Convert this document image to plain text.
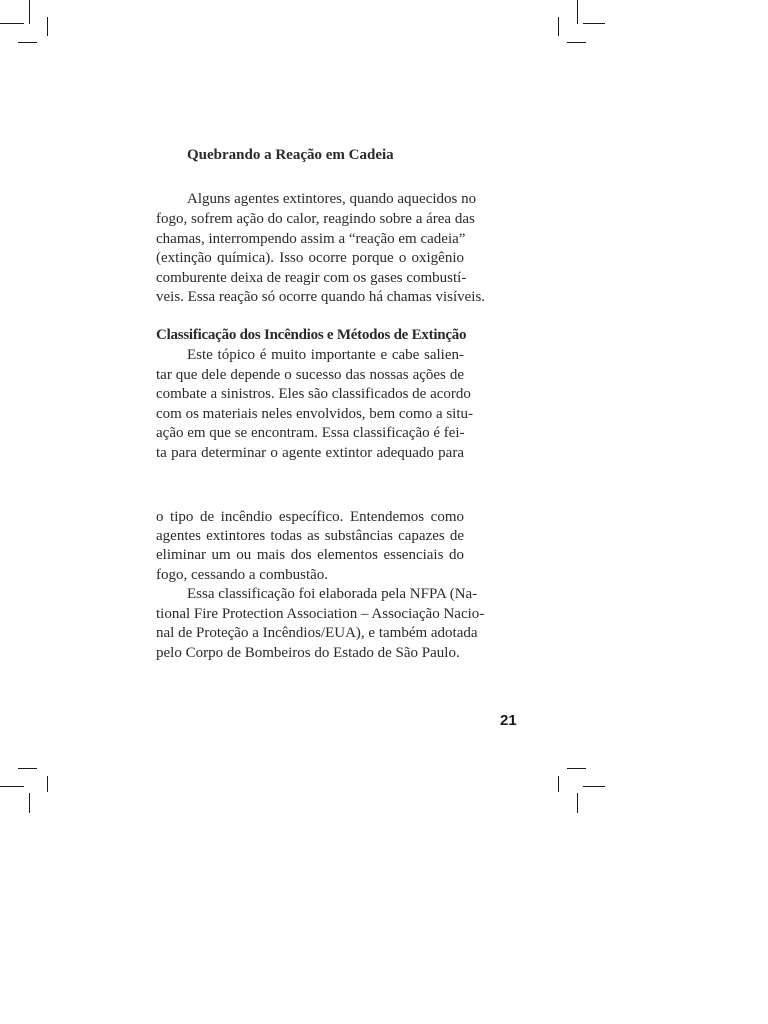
Quebrando a Reação em Cadeia
Alguns agentes extintores, quando aquecidos no
fogo, sofrem ação do calor, reagindo sobre a área das
chamas, interrompendo assim a “reação em cadeia”
(extinção química). Isso ocorre porque o oxigênio
comburente deixa de reagir com os gases combustí-
veis. Essa reação só ocorre quando há chamas visíveis.
Classificação dos Incêndios e Métodos de Extinção
Este tópico é muito importante e cabe salien-
tar que dele depende o sucesso das nossas ações de
combate a sinistros. Eles são classificados de acordo
com os materiais neles envolvidos, bem como a situ-
ação em que se encontram. Essa classificação é fei-
ta para determinar o agente extintor adequado para
o tipo de incêndio específico. Entendemos como
agentes extintores todas as substâncias capazes de
eliminar um ou mais dos elementos essenciais do
fogo, cessando a combustão.
Essa classificação foi elaborada pela NFPA (Na-
tional Fire Protection Association – Associação Nacio-
nal de Proteção a Incêndios/EUA), e também adotada
pelo Corpo de Bombeiros do Estado de São Paulo.
21
